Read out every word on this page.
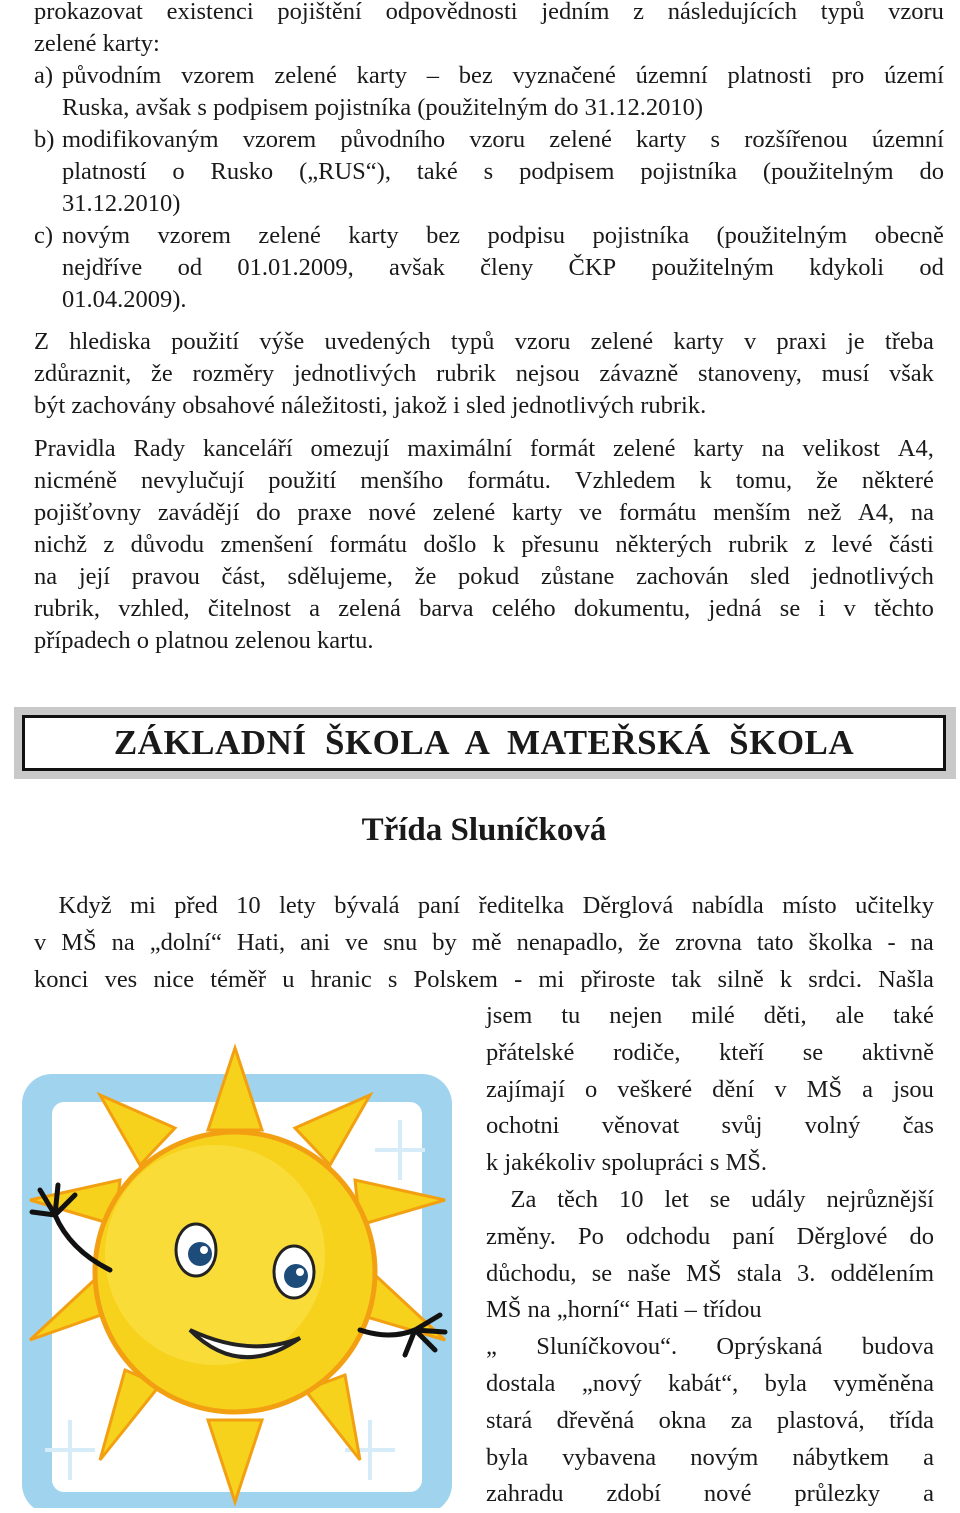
prokazovat existenci pojištění odpovědnosti jedním z následujících typů vzoru
zelené karty:
a) původním vzorem zelené karty – bez vyznačené územní platnosti pro území
Ruska, avšak s podpisem pojistníka (použitelným do 31.12.2010)
b) modifikovaným vzorem původního vzoru zelené karty s rozšířenou územní
platností o Rusko („RUS“), také s podpisem pojistníka (použitelným do
31.12.2010)
c) novým vzorem zelené karty bez podpisu pojistníka (použitelným obecně
nejdříve od 01.01.2009, avšak členy ČKP použitelným kdykoli od
01.04.2009).
Z hlediska použití výše uvedených typů vzoru zelené karty v praxi je třeba
zdůraznit, že rozměry jednotlivých rubrik nejsou závazně stanoveny, musí však
být zachovány obsahové náležitosti, jakož i sled jednotlivých rubrik.
Pravidla Rady kanceláří omezují maximální formát zelené karty na velikost A4,
nicméně nevylučují použití menšího formátu. Vzhledem k tomu, že některé
pojišťovny zavádějí do praxe nové zelené karty ve formátu menším než A4, na
nichž z důvodu zmenšení formátu došlo k přesunu některých rubrik z levé části
na její pravou část, sdělujeme, že pokud zůstane zachován sled jednotlivých
rubrik, vzhled, čitelnost a zelená barva celého dokumentu, jedná se i v těchto
případech o platnou zelenou kartu.
ZÁKLADNÍ  ŠKOLA  A  MATEŘSKÁ  ŠKOLA
Třída Sluníčková
Když mi před 10 lety bývalá paní ředitelka Děrglová nabídla místo učitelky
v MŠ na „dolní“ Hati, ani ve snu by mě nenapadlo, že zrovna tato školka - na
konci ves nice téměř u hranic s Polskem - mi přiroste tak silně k srdci. Našla
jsem tu nejen milé děti, ale také
přátelské rodiče, kteří se aktivně
zajímají o veškeré dění v MŠ a jsou
ochotni věnovat svůj volný čas
k jakékoliv spolupráci s MŠ.
Za těch 10 let se udály nejrůznější
změny. Po odchodu paní Děrglové do
důchodu, se naše MŠ stala 3. oddělením
MŠ na „horní“ Hati – třídou
„ Sluníčkovou“. Oprýskaná budova
dostala „nový kabát“, byla vyměněna
stará dřevěná okna za plastová, třída
byla vybavena novým nábytkem a
zahradu zdobí nové průlezky a
